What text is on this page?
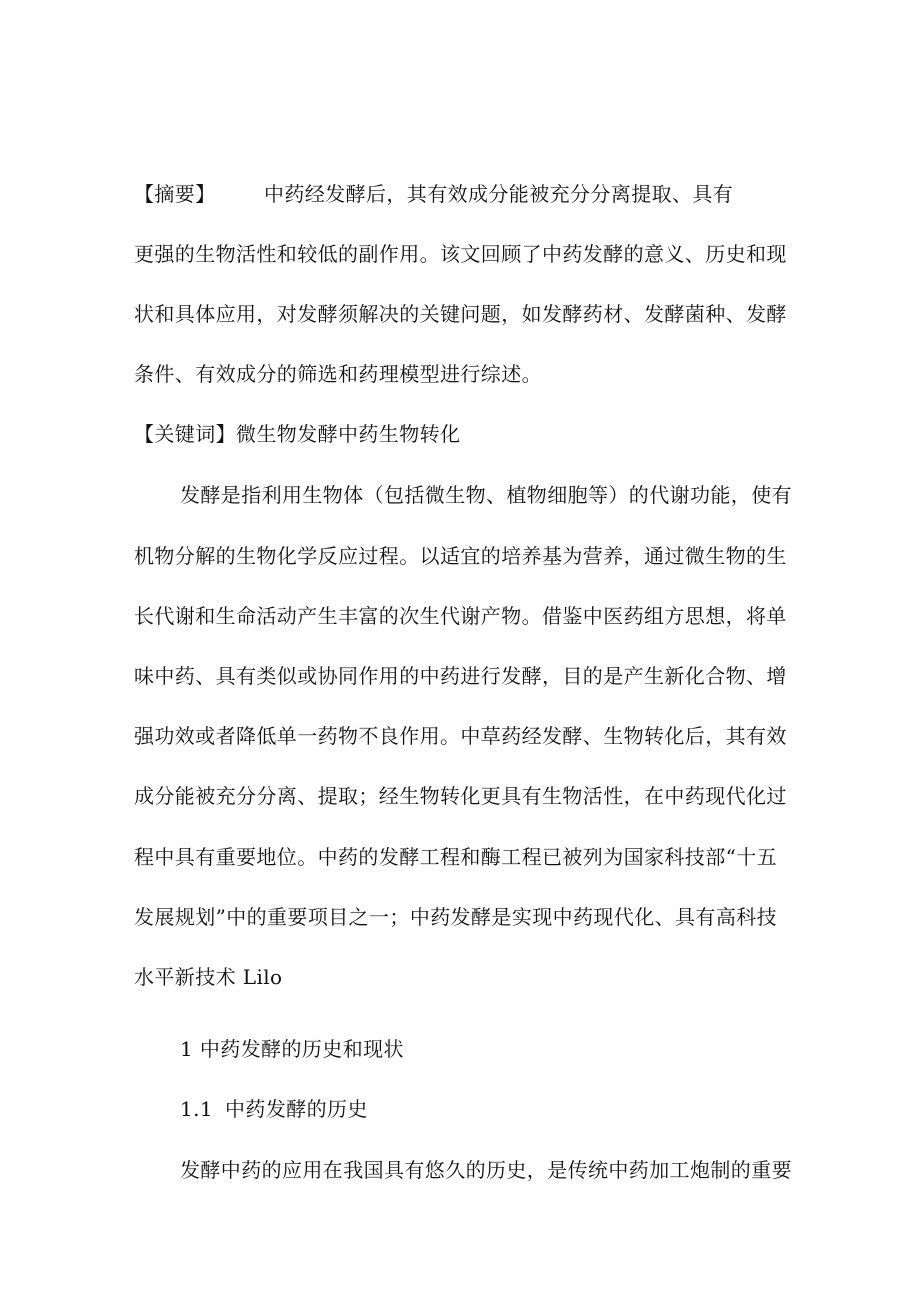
【摘要】 中药经发酵后，其有效成分能被充分分离提取、具有
更强的生物活性和较低的副作用。该文回顾了中药发酵的意义、历史和现
状和具体应用，对发酵须解决的关键问题，如发酵药材、发酵菌种、发酵
条件、有效成分的筛选和药理模型进行综述。
【关键词】微生物发酵中药生物转化
发酵是指利用生物体（包括微生物、植物细胞等）的代谢功能，使有
机物分解的生物化学反应过程。以适宜的培养基为营养，通过微生物的生
长代谢和生命活动产生丰富的次生代谢产物。借鉴中医药组方思想，将单
味中药、具有类似或协同作用的中药进行发酵，目的是产生新化合物、增
强功效或者降低单一药物不良作用。中草药经发酵、生物转化后，其有效
成分能被充分分离、提取；经生物转化更具有生物活性，在中药现代化过
程中具有重要地位。中药的发酵工程和酶工程已被列为国家科技部“十五
发展规划”中的重要项目之一；中药发酵是实现中药现代化、具有高科技
水平新技术 Lilo
1 中药发酵的历史和现状
1.1 中药发酵的历史
发酵中药的应用在我国具有悠久的历史，是传统中药加工炮制的重要
